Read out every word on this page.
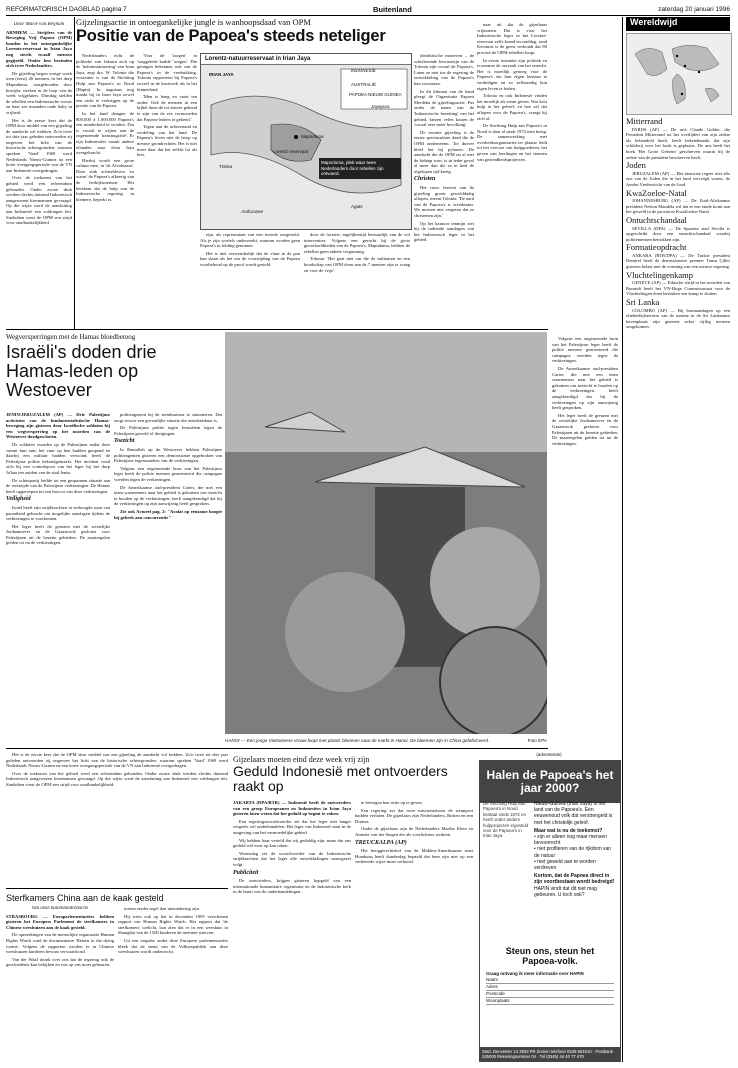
REFORMATORISCH DAGBLAD pagina 7	Buitenland	zaterdag 20 januari 1996
Door Marie van Beijnum

ARNHEM — Strijders van de Beweging Vrij Papoea (OPM) houden in het ontoegankelijke Lorentz-reservaat in Irian Jaya nog steeds twaalf mensen gegijzeld. Onder hen bevinden zich twee Nederlanders.

De gijzeling begon vorige week toen (eerst) 26 mensen, in het dorp Mapnduma, vastgehouden door bosrijke werken in de loop van de week vrijgelaten. Dinsdag stelden de rebellen een Indonesische vrouw en haar zes maanden oude baby in vrijheid.

Het is de eerste keer dat de OPM door middel van een gijzeling de aandacht wil trekken. Zo'n twee tot drie jaar geleden ontvoerden zij ongeveer het licht van de historische achtergronden: waarom spreken 'Vaad' 1969 werd Nederlands Nieuw-Guinea na een korte overgangsperiode van de VN aan Indonesië overgedragen.

Over de toekomst van het gebied werd een referendum gehouden. Onder zware druk werden slechts duizend Indonesisch aangewezen kiesmannen gevraagd. Op die wijze werd de aansluiting aan Indonesië een voldongen feit. Sindsdien voert de OPM een strijd voor onafhankelijkheid.

Gijzelingsactie in ontoegankelijke jungle is wanhoopsdaad van OPM
Positie van de Papoea's steeds neteliger

Nederlanders richt de politieke van Jakarta zich op de 'indonesianisering' van Irian Jaya, zegt drs. W. Tolonia die voorzitter is van de Stichting Hulp aan Papoea's in Nood (Hapin). In augustus nog maakt hij in Irian Jaya zowel een zicht te verkrijgen op de positie van de Papoea.

In het land dringen de 800.000 à 1.000.000 Papoea's een minderheid te worden. Dat is vooral te wijten aan de zogenoemde 'transmigratie'. Er zijn Indonesiërs vanuit andere eilanden naar Irian Jaya overgebracht.

Hierbij wordt een grote cultuur mee, in 'de Afvalnaam'. Deze stuk achterbleven 'zo warm' de Papoea's afkeerig van de bedrijfsmensen. Het betekent dat de hulp van de Indonesische regering in kleinere, beperkt is.

'Voor de 'zorgen' in 'sorggelede kudde' 'zorgen'. Die getuigen bekennen ook van de Papoea's in de verdrukking. Tolonia rapporteert bij Papoea's zoveel in de kustwerk als in het binnenland.

'Men is bang en vaart ten onder. Ook de mensen in een bijbel doen de tot dusver gekend te zijn van de zes vermoorden dat Papoea-leiders te gekend.'

Tegen aan de achterstand en verdeling van het land. De Papoea's leven niet de hoop op nieuwe grondrechten. Het is niet meer daar dat het zelfde lot als hier.

Lorentz-natuurreservaat in Irian Jaya
IRIAN JAYA
INDONESIË
Jayapura
Timika
Mapnduma
Agats
Arafurazee
PAPOEA NIEUW GUINEA
AUSTRALIË
Lorentz reservaat
Mapnduma, plek waar twee Nederlanders door rebellen zijn ontvoerd.

zijn, als representant van een tweede oorgesteld. Als je zijn wortels onderzoekt, waarom worden geen Papoea's in leiding genomen.

Het is niet verwonderlijk dat de vlam in de pan kan slaan als het om de voorstijding van de Papoea voorbehoud op de proof wordt gesteld.

door de lactatie, tegelijkertijd bestuurlijk van de vol interventies. Volgens een gerucht bij de grote geoorloofdheden van de Papoea's, Mapnduma, hebben de rebellen geen enkele vergunning.

Tolonia: 'Het gaat niet om die de militairen en een boodschap van OPM doen aan de 7 mensen zijn te vraag en voor de vrije'.

idealistische motieven – de scholierende bewustzijn van de Tolonia zijn vooral de Papoea's. Laten ze niet toe de regering de ontwikkeling van de Papoea's kan voorstaan.

In dit klimaat van de band pleegt de Organisatie Papoea Merdeka de gijzelingsactie. Pas onder de naam van de 'Indonesische bezetting' van het gebied, kiezen velen kosten de 'vooral zeer meer bevolking'.

De recente gijzeling is de eerste spectaculaire daad die de OPM onderneemt. Tot dusver bleef het bij pylonen. De aandacht die de OPM nu al met de kidnap won, is in ieder geval al meer dan die ze in heel de afgelopen tijd kreeg.

Christen

Het ruwe feesten van de gijzeling groeit gewelddadig aflopen, meent Tolonia. 'De aard van de Papoea's is vreedzaam. We moeten niet vergeten dat ze christenen zijn.'

Op het kantoor tenmijn ziet hij de indiende aanslagen van het Indonesisch leger in het gebied.

naar uit dat de gijzelaars vrijkomen. Dat is voor het Indonesische leger in het Lorentz-reservaat zelfs brand ter middag, rond Kerstmis is de geest verkondt dat 80 procent de OPM-rebellen loopt.

In eerste instantie zijn politiek en economie de oorzaak van het onrecht. Het is moeilijk genoeg voor de Papoea's om hun eigen bestaan te verdedigen en zo zelfstandig hun eigen leven te leiden.

Tolonia en ook Indonesië vinden het moeilijk als steun geven. Wat kost hulp in het geheel, en hoe zal dat aflopen voor de Papoea's, vraagt hij zich af.

De Stichting Hulp aan Papoea's in Nood is daar al sinds 1972 mee bezig. De samenwerking met overheidsorganisaties ter plaatse leidt tot het vervoer van hulpgoederen, het geven van leerlingen en het steunen van gezondheidsprojecten.

Wegversperringen met de Hamas bloedbetoog
Israëli's doden drie Hamas-leden op Westoever

JENIN/JERUZALEM (AP) — Drie Palestijnse activisten van de fundamentalistische Hamas-beweging zijn gisteren door Israëlische soldaten bij een wegversperring op het noorden van de Westoever doodgeschoten.

De soldaten vuurden op de Palestijnen nadat deze vanuit hun auto het vuur op hen hadden geopend en daarbij een militair hadden verwond, heeft de Palestijnse politie bekendgemaakt. Het incident vond zich bij een controlepost van het leger bij het dorp Ja'baa ten zuiden van de stad Jenin.

De schietpartij leidde tot een gespannen situatie aan de westzijde van de Palestijnse verkiezingen. De Hamas heeft opgeroepen tot een boycot van deze verkiezingen.

Veiligheid

Israël heeft zijn strijdkrachten in verhoogde staat van paraatheid gebracht om mogelijke aanslagen tijdens de verkiezingen te voorkomen.

Het leger heeft de grenzen met de westelijke Jordaanoever en de Gazastrook gesloten voor Palestijnen uit de bezette gebieden. De maatregelen gelden tot na de verkiezingen.

politieagenten bij de stembureaus te stationeren. Dat zorgt ervoor een gevaarlijke situatie die ontoelaatbaar is.

De Palestijnse politie tegen Jeruzalem tegen de Palestijnen geweld of dreigingen.

Toezicht

In Ramallah op de Westoever hebben Palestijnse politieagenten gisteren een demonstratie opgebroken van Palestijnse tegenstanders van de verkiezingen.

Volgens een ongenoemde bron van het Palestijnse leger heeft de politie mensen gearresteerd die campagne voerden tegen de verkiezingen.

De Amerikaanse oud-president Carter, die met een team waarnemers naar het gebied is gekomen om toezicht te houden op de verkiezingen, heeft aangekondigd dat hij de verkiezingen op zijn aanwijzing heeft gesproken.

Zie ook Actueel pag. 2: "Arafat op eenzame hoogte bij gebrek aan concurrentie"

HANOI — Een jonge Vietnamese vrouw loopt met plastic bloemen naar de markt in Hanoi. De bloemen zijn in China gefabriceerd.	Foto EPA
Gijzelaars moeten eind deze week vrij zijn
Geduld Indonesië met ontvoerders raakt op

JAKARTA (DPA/RTR) — Indonesië heeft de ontvoerders van een groep Europeanen en Indonesiërs in Irian Jaya gisteren laten weten dat het geduld op begint te raken.

Een regeringswoordvoerder zei dat het leger niet langer vergeefs wil onderhandelen. Het leger van Indonesië staat in de omgeving van het vermoedelijke gebied.

Wij hebben haar verteld dat wij geduldig zijn, maar dat ons geduld wel eens op kan raken.

Woensdag zei de woordvoerder van de Indonesische strijdkrachten dat het leger alle ontwikkelingen nauwgezet volgt.

Publiciteit

De ontvoerders, krijgen gisteren kopgeld van een internationale humanitaire organisatie en de Indonesische kerk in de buurt van de onderhandelingen.

te bewegen hen actie op te geven.

Een regering zei dat twee missionarissen de steunpost hadden verlaten. De gijzelaars zijn Nederlanders, Britten en een Duitser.

Onder de gijzelaars zijn de Nederlanders Martha Klein en Annette van der Stegen die als voorlichters werkten.

TREUCKALPA (AP)

Het hooggerechtshof van de Midden-Amerikaanse staat Honduras heeft donderdag bepaald dat hem zijn niet op een verbeterde wijze moet verhuisd.

Sterfkamers China aan de kaak gesteld
Van onze buitenlandredactie

STRASBOURG — Europarlementariërs hebben gisteren het Europees Parlement de sterfkamers in Chinese weeshuizen aan de kaak gesteld.

De opmerkingen van de menselijke organisatie Human Rights Watch rond de documentaire 'Return to the dying rooms'. Volgens de rapporten worden er in Chinese weeshuizen kinderen bewust verwaarloosd.

Van der Waal dronk over ons dat de regering ook de geschiedenis kan bekijken en wat op ons moet gebeuren.

toesen eerder regel dan uitzondering zijn.

Hij wees ook op het in december 1995 verschenen rapport van Human Rights Watch. Het rapport dat 'de sterfkamers' toelicht, laat zien dat er in een weeshuis in Shanghai van de 1500 kinderen de meesten stierven.

Uit een enquête onder deze Europese parlementariërs bleek dat de steun van de Volksrepubliek aan deze weeshuizen wordt onderzocht.

Het is de eerste keer dat de OPM door middel van een gijzeling de aandacht wil trekken. Zo'n twee tot drie jaar geleden ontvoerden zij ongeveer het licht van de historische achtergronden: waarom spreken 'Vaad' 1969 werd Nederlands Nieuw-Guinea na een korte overgangsperiode van de VN aan Indonesië overgedragen.

Over de toekomst van het gebied werd een referendum gehouden. Onder zware druk werden slechts duizend Indonesisch aangewezen kiesmannen gevraagd. Op die wijze werd de aansluiting aan Indonesië een voldongen feit. Sindsdien voert de OPM een strijd voor onafhankelijkheid.

(advertentie)
Halen de Papoea's het jaar 2000?
De Stichting Hulp aan Papoea's in Nood bestaat sinds 1972 en heeft onder andere hulpprojecten ingesteld voor de Papoea's in Irian Jaya.
Nieuw-Guinea (Irian Jaya) is het land van de Papoea's. Een eeuwenoud volk dat verstrengeld is met het christelijk geloof.
Maar wat is nu de toekomst?
• zijn er alleen nog maar mensen bevoorrecht
• niet profiteren van de rijkdom van de natuur
• met geweld aan te worden verdreven
Kortom, dat de Papoea direct in zijn voortbestaan wordt bedreigd!
HAPIN vindt dat dit niet mag gebeuren. U toch ook?
Steun ons, steun het Papoea-volk.
Graag ontvang ik meer informatie over HAPIN
Naam
Adres
Postcode
Woonplaats
Sted. Denventer 14 3843 PR Zumen telefoon 0345-561010 · Postbank 245000 Rekeningnummer 04 · Tel (0345) 44 40 77 470
Wereldwijd
Mitterrand

PARIJS (AP) — De arts Claude Gubler, die President Mitterrand tot het overlijden van zijn ziekte als behandeld heeft, heeft bekendmaakt dat zijn schilderij voor het boek is geplaatst. De arts heeft het boek 'Het Grote Geheim' geschreven waarin hij de ziekte van de president beschreven heeft.

Joden

JERUZALEM (AP) — Het nieuwste regeer niet alle ons van de Joden die in het land vervolgd waren, de Joodse Vredessticht van de Jood.

KwaZoeloe-Natal

JOHANNESBURG (AP) — De Zuid-Afrikaanse president Nelson Mandela wil dat er een einde komt aan het geweld in de provincie KwaZoeloe-Natal.

Ontuchtschandaal

SEVILLA (DPA) — De Spaanse stad Sevilla is opgeschrikt door een ontuchtschandaal waarbij politiemensen betrokken zijn.

Formatieopdracht

ANKARA (RTR/DPA) — De Turkse president Demirel heeft de demissionaire premier Tansu Çiller gisteren belast met de vorming van een nieuwe regering.

Vluchtelingenkamp

GENEVE (AP) — Ethische strijd in het noorden van Burundi heeft het VN-Hoge Commissariaat voor de Vluchtelingen doen besluiten een kamp te sluiten.

Sri Lanka

COLOMBO (AP) — Bij bomaanslagen op een oliebedrijfsterrein van de marine in de Sri Lankaanse havenplaats zijn gisteren zeker vijftig mensen omgekomen.

Volgens een ongenoemde bron van het Palestijnse leger heeft de politie mensen gearresteerd die campagne voerden tegen de verkiezingen.

De Amerikaanse oud-president Carter, die met een team waarnemers naar het gebied is gekomen om toezicht te houden op de verkiezingen, heeft aangekondigd dat hij de verkiezingen op zijn aanwijzing heeft gesproken.

Het leger heeft de grenzen met de westelijke Jordaanoever en de Gazastrook gesloten voor Palestijnen uit de bezette gebieden. De maatregelen gelden tot na de verkiezingen.
